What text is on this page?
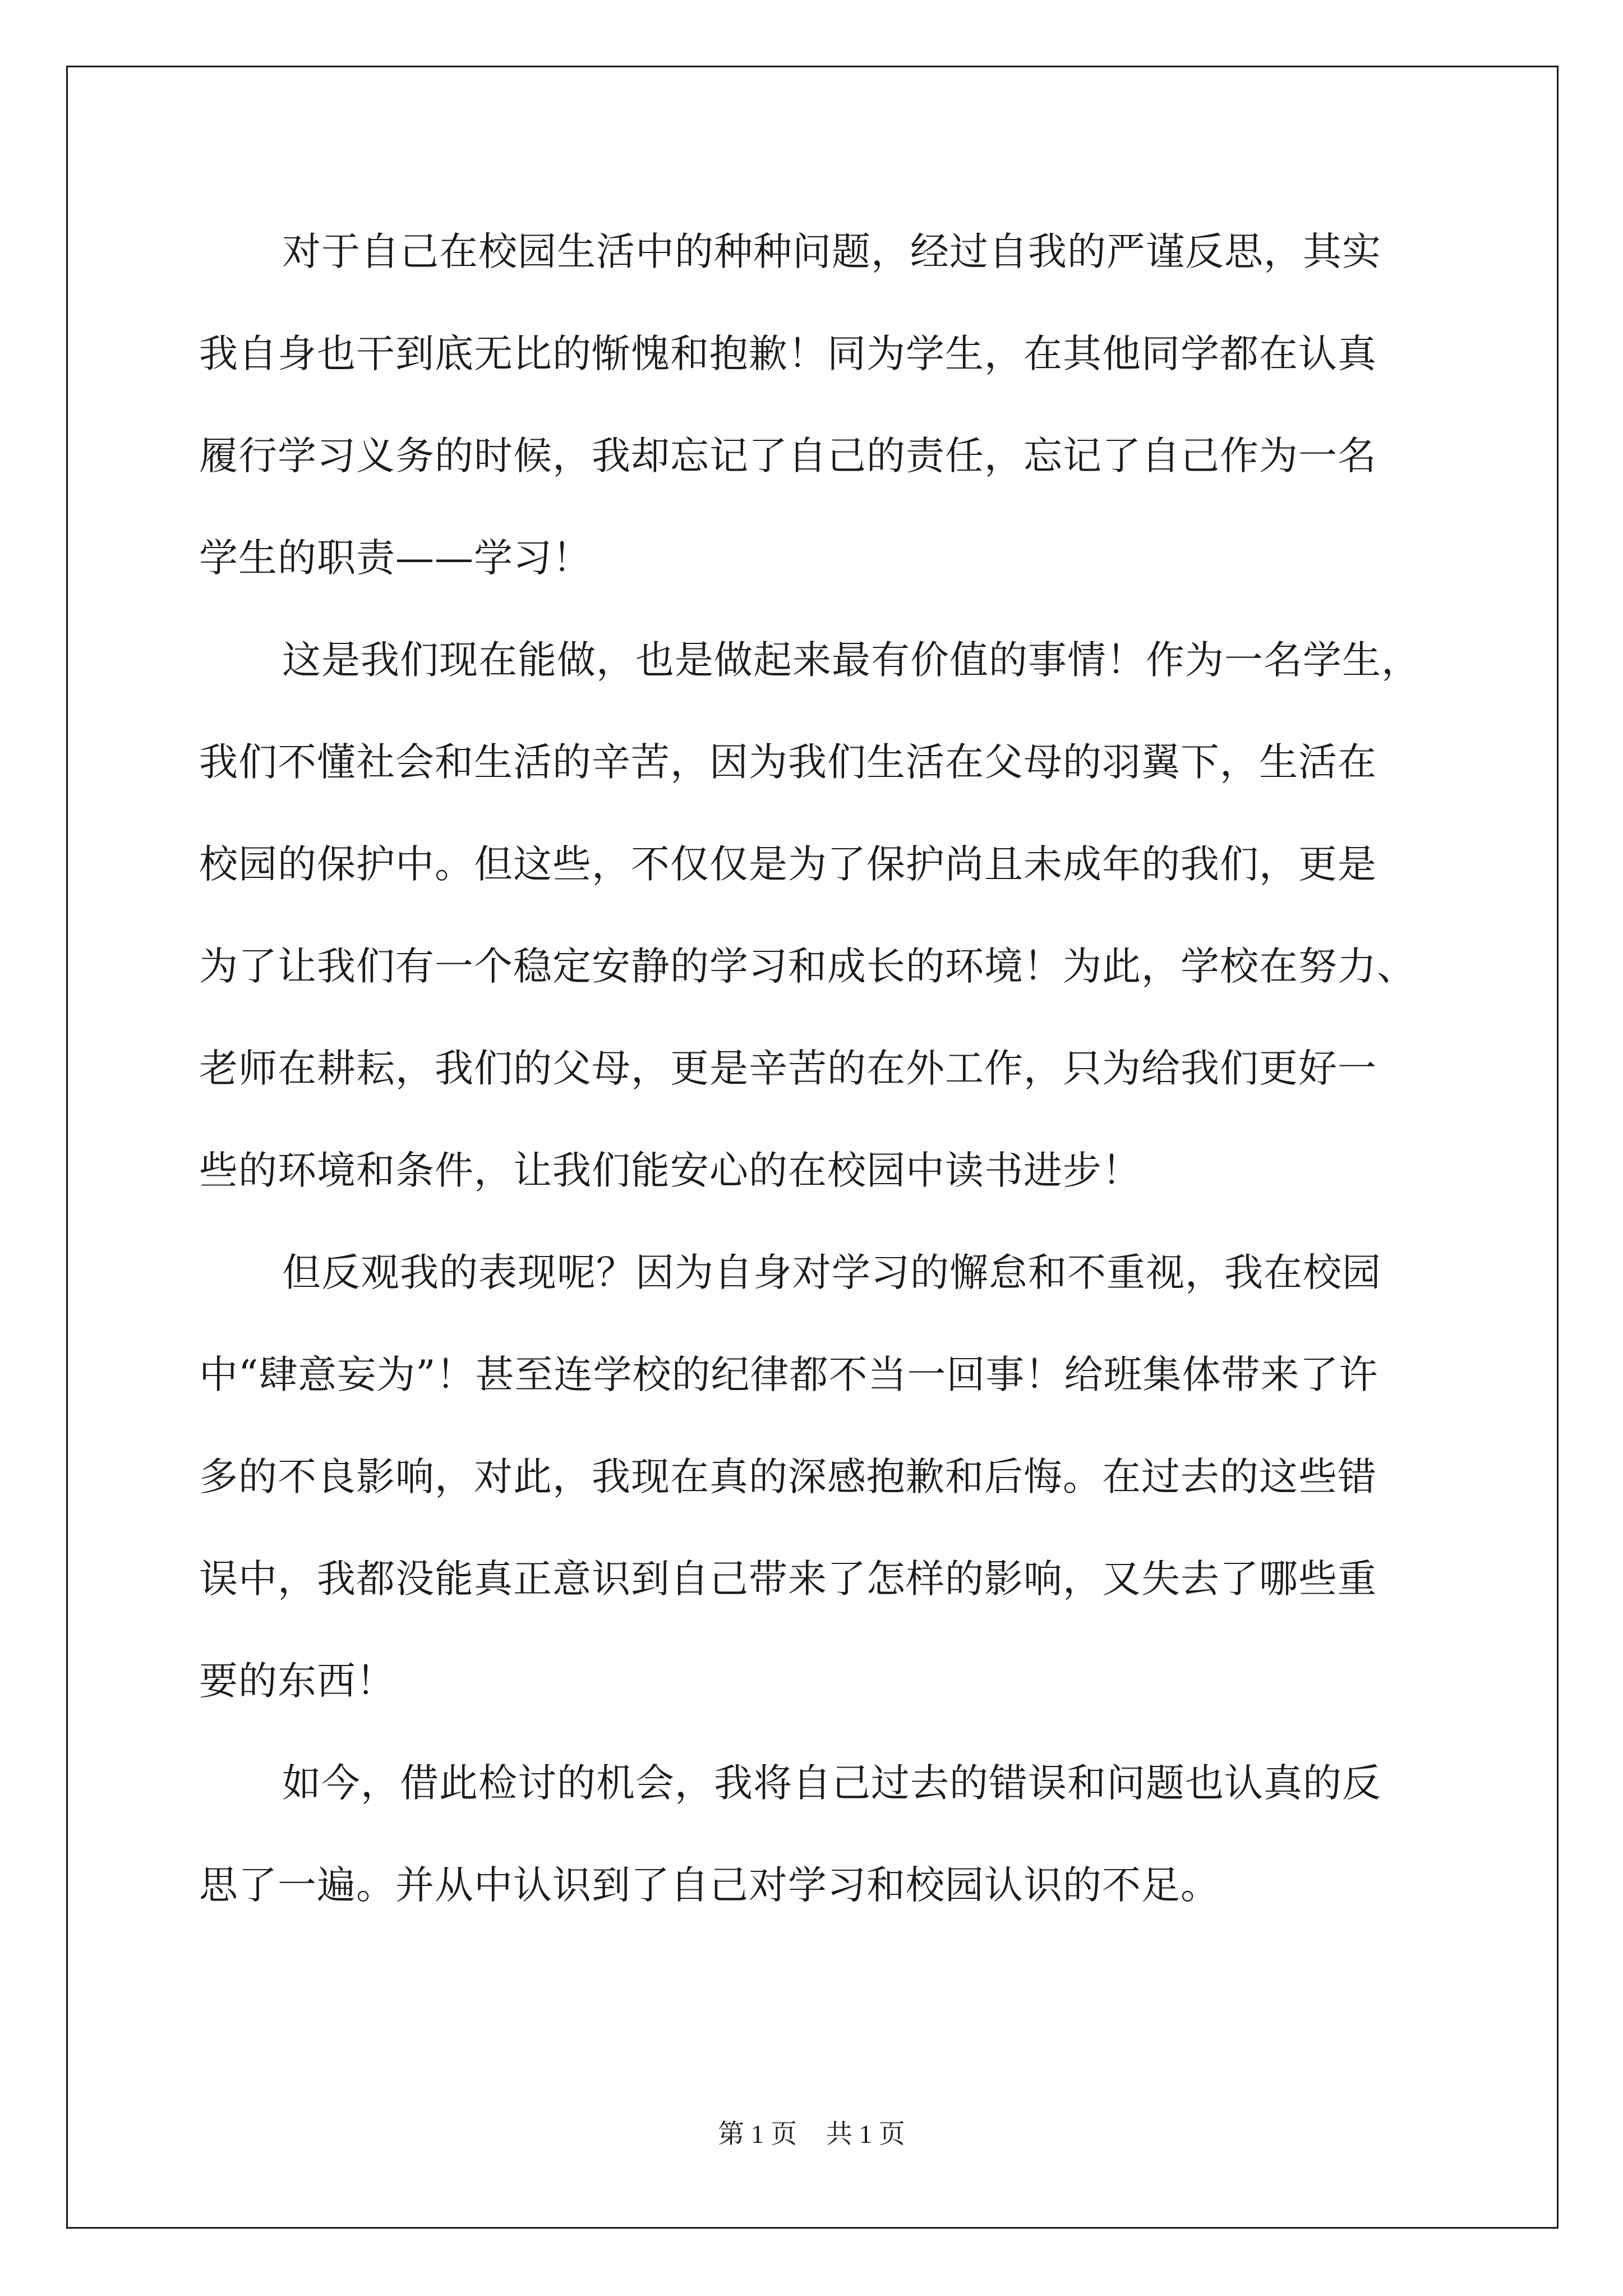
对于自己在校园生活中的种种问题，经过自我的严谨反思，其实
我自身也干到底无比的惭愧和抱歉！同为学生，在其他同学都在认真
履行学习义务的时候，我却忘记了自己的责任，忘记了自己作为一名
学生的职责——学习！
这是我们现在能做，也是做起来最有价值的事情！作为一名学生，
我们不懂社会和生活的辛苦，因为我们生活在父母的羽翼下，生活在
校园的保护中。但这些，不仅仅是为了保护尚且未成年的我们，更是
为了让我们有一个稳定安静的学习和成长的环境！为此，学校在努力、
老师在耕耘，我们的父母，更是辛苦的在外工作，只为给我们更好一
些的环境和条件，让我们能安心的在校园中读书进步！
但反观我的表现呢？因为自身对学习的懈怠和不重视，我在校园
中“肆意妄为”！甚至连学校的纪律都不当一回事！给班集体带来了许
多的不良影响，对此，我现在真的深感抱歉和后悔。在过去的这些错
误中，我都没能真正意识到自己带来了怎样的影响，又失去了哪些重
要的东西！
如今，借此检讨的机会，我将自己过去的错误和问题也认真的反
思了一遍。并从中认识到了自己对学习和校园认识的不足。
第 1 页 共 1 页
